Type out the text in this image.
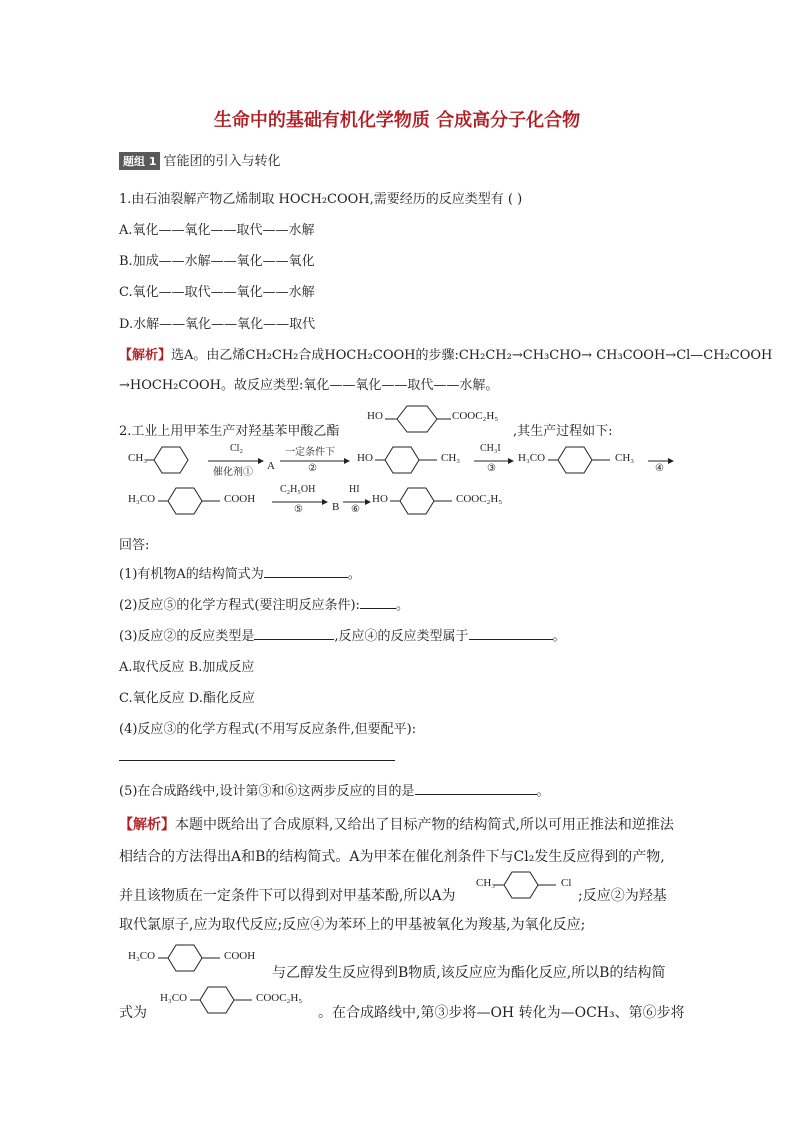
生命中的基础有机化学物质 合成高分子化合物
题组 1 官能团的引入与转化
1.由石油裂解产物乙烯制取 HOCH₂COOH,需要经历的反应类型有 ( )
A.氧化——氧化——取代——水解
B.加成——水解——氧化——氧化
C.氧化——取代——氧化——水解
D.水解——氧化——氧化——取代
【解析】选A。由乙烯CH₂CH₂合成HOCH₂COOH的步骤:CH₂CH₂→CH₃CHO→ CH₃COOH→Cl—CH₂COOH
→HOCH₂COOH。故反应类型:氧化——氧化——取代——水解。
2.工业上用甲苯生产对羟基苯甲酸乙酯
HO	COOC₂H₅
,其生产过程如下:
CH₃
Cl₂
催化剂①
A
一定条件下
②
HO	CH₃
CH₃I
③
H₃CO	CH₃
④
H₃CO	COOH
C₂H₅OH
⑤	B
HI
⑥
HO	COOC₂H₅
回答:
(1)有机物A的结构简式为	。
(2)反应⑤的化学方程式(要注明反应条件):	。
(3)反应②的反应类型是	,反应④的反应类型属于	。
A.取代反应 B.加成反应
C.氧化反应 D.酯化反应
(4)反应③的化学方程式(不用写反应条件,但要配平):
(5)在合成路线中,设计第③和⑥这两步反应的目的是	。
【解析】本题中既给出了合成原料,又给出了目标产物的结构简式,所以可用正推法和逆推法
相结合的方法得出A和B的结构简式。A为甲苯在催化剂条件下与Cl₂发生反应得到的产物,
并且该物质在一定条件下可以得到对甲基苯酚,所以A为
CH₃	Cl
;反应②为羟基
取代氯原子,应为取代反应;反应④为苯环上的甲基被氧化为羧基,为氧化反应;
H₃CO	COOH
与乙醇发生反应得到B物质,该反应应为酯化反应,所以B的结构简
式为
H₃CO	COOC₂H₅
。在合成路线中,第③步将—OH 转化为—OCH₃、第⑥步将
